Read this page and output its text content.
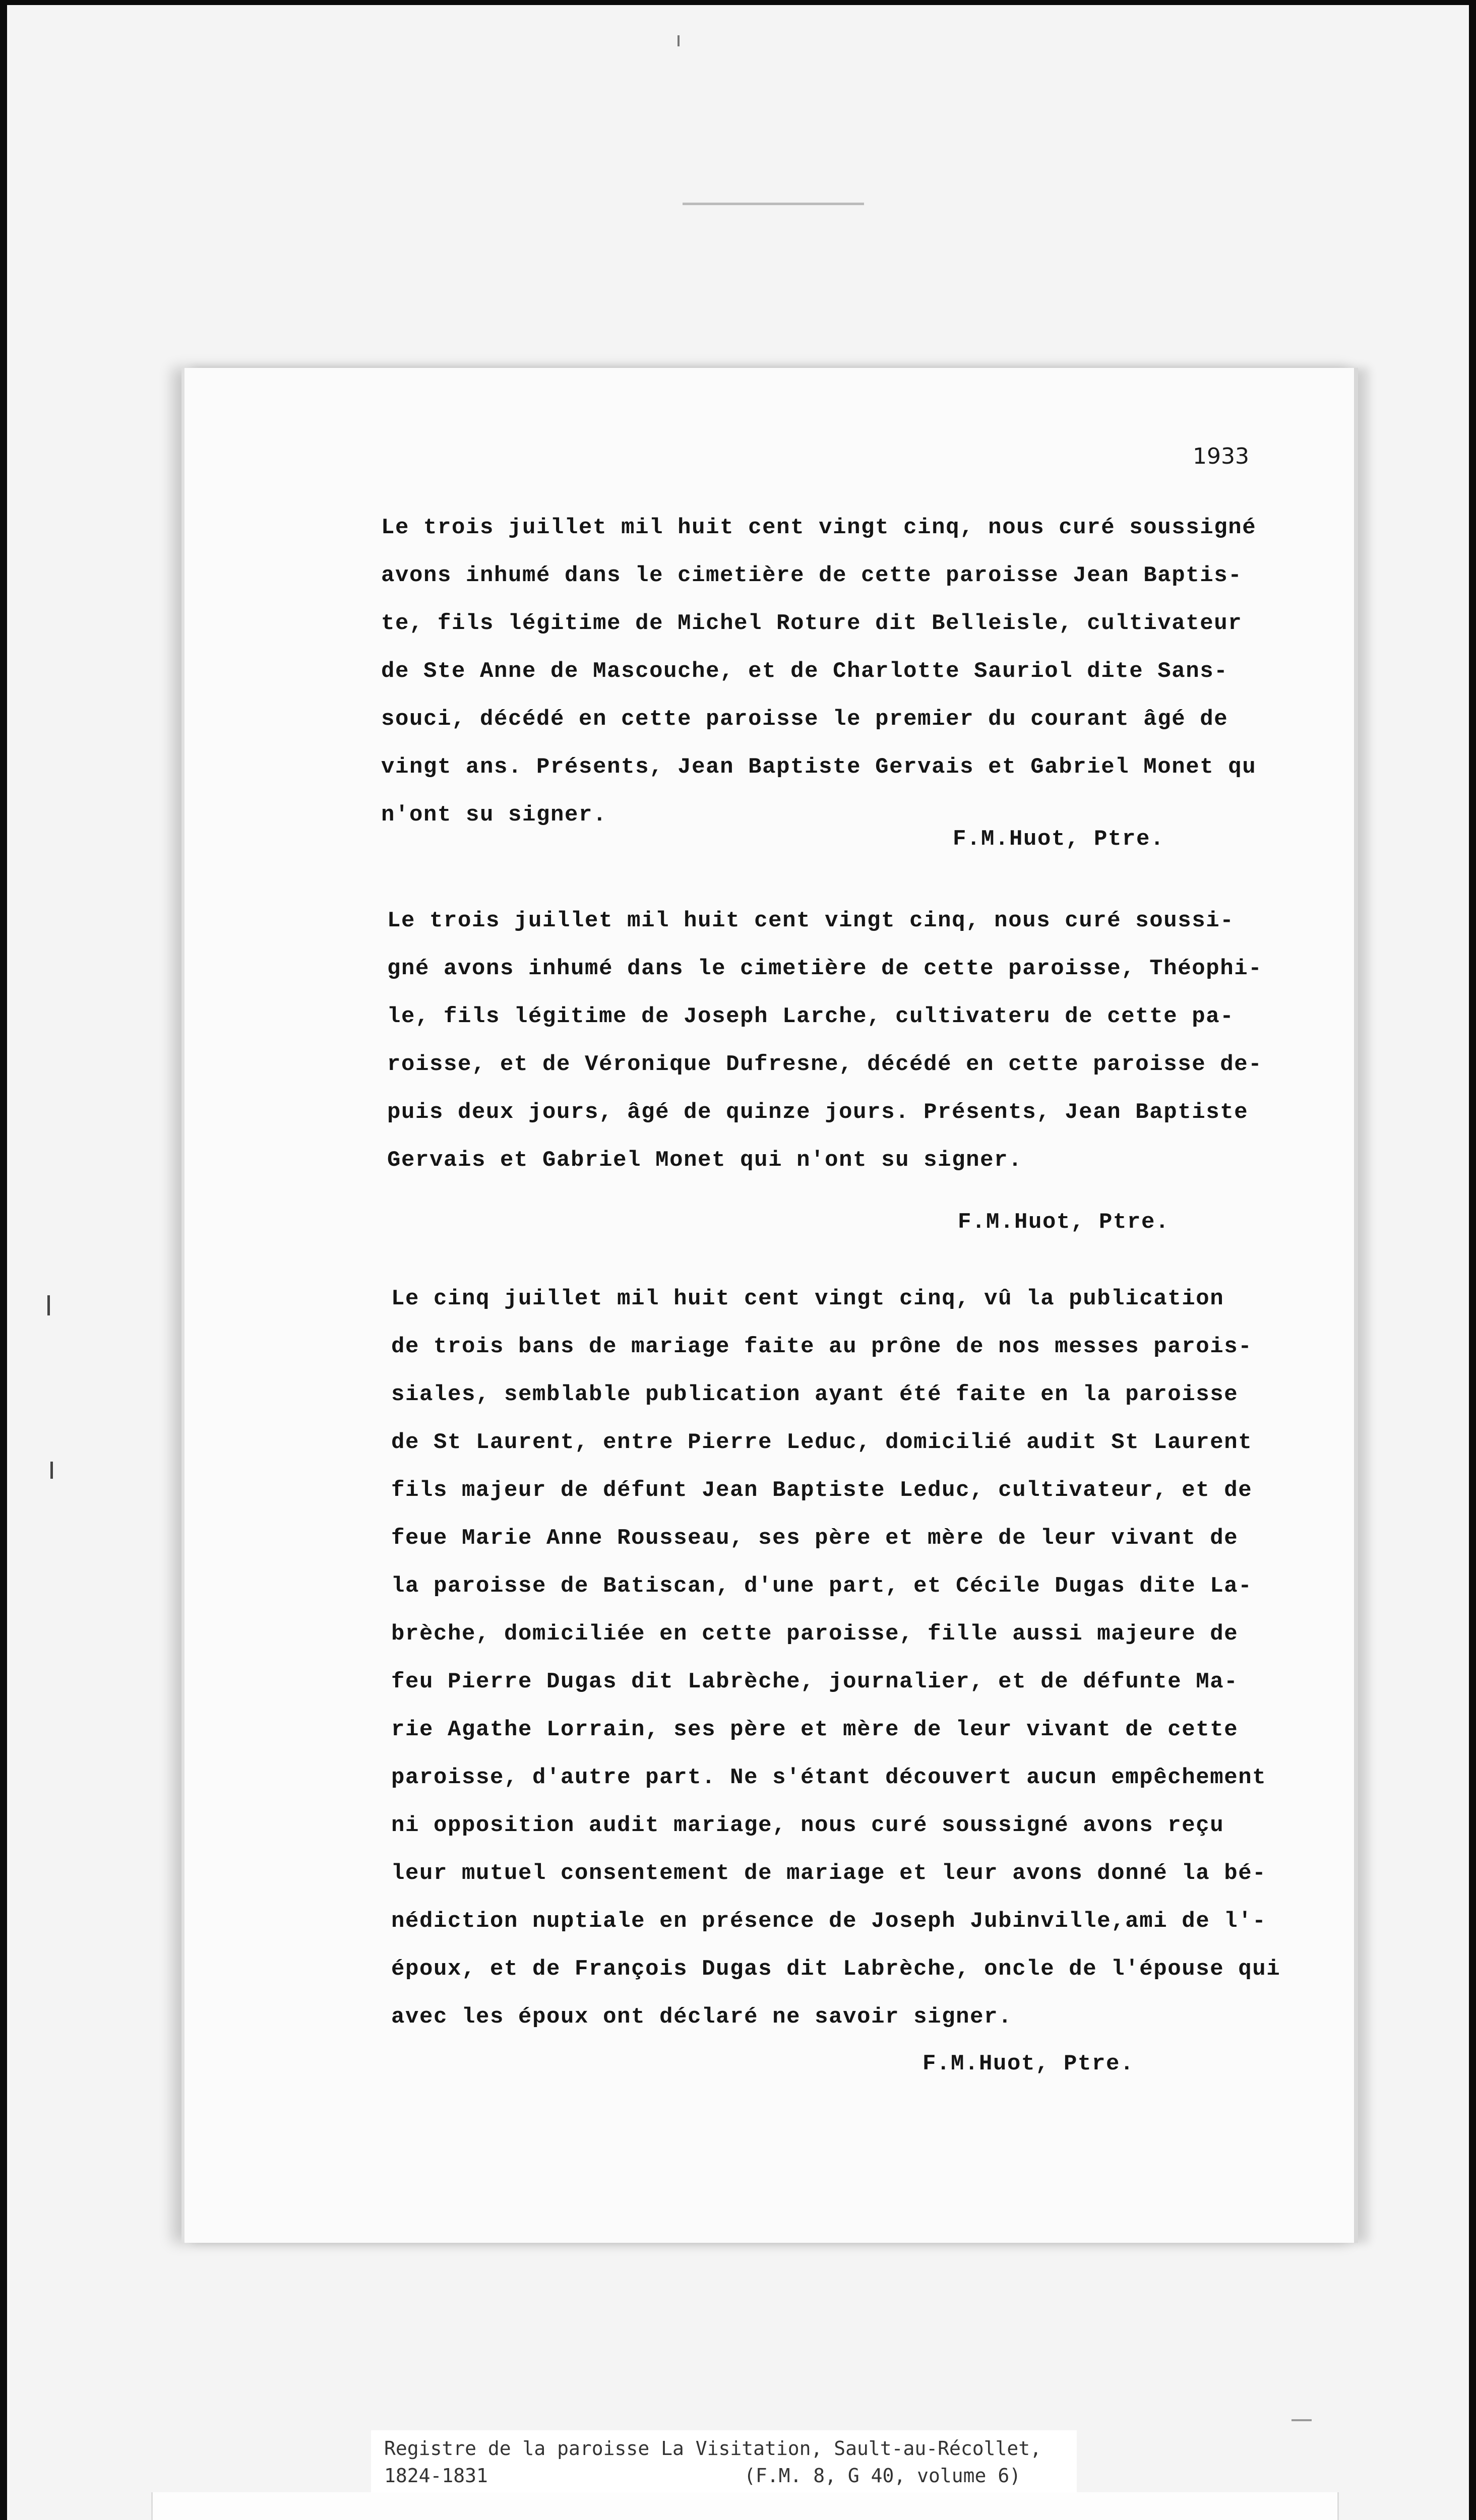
1933

Le trois juillet mil huit cent vingt cinq, nous curé soussigné
avons inhumé dans le cimetière de cette paroisse Jean Baptis-
te, fils légitime de Michel Roture dit Belleisle, cultivateur
de Ste Anne de Mascouche, et de Charlotte Sauriol dite Sans-
souci, décédé en cette paroisse le premier du courant âgé de
vingt ans. Présents, Jean Baptiste Gervais et Gabriel Monet qu
n'ont su signer.

F.M.Huot, Ptre.

Le trois juillet mil huit cent vingt cinq, nous curé soussi-
gné avons inhumé dans le cimetière de cette paroisse, Théophi-
le, fils légitime de Joseph Larche, cultivateru de cette pa-
roisse, et de Véronique Dufresne, décédé en cette paroisse de-
puis deux jours, âgé de quinze jours. Présents, Jean Baptiste
Gervais et Gabriel Monet qui n'ont su signer.

F.M.Huot, Ptre.

Le cinq juillet mil huit cent vingt cinq, vû la publication
de trois bans de mariage faite au prône de nos messes parois-
siales, semblable publication ayant été faite en la paroisse
de St Laurent, entre Pierre Leduc, domicilié audit St Laurent
fils majeur de défunt Jean Baptiste Leduc, cultivateur, et de
feue Marie Anne Rousseau, ses père et mère de leur vivant de
la paroisse de Batiscan, d'une part, et Cécile Dugas dite La-
brèche, domiciliée en cette paroisse, fille aussi majeure de
feu Pierre Dugas dit Labrèche, journalier, et de défunte Ma-
rie Agathe Lorrain, ses père et mère de leur vivant de cette
paroisse, d'autre part. Ne s'étant découvert aucun empêchement
ni opposition audit mariage, nous curé soussigné avons reçu
leur mutuel consentement de mariage et leur avons donné la bé-
nédiction nuptiale en présence de Joseph Jubinville,ami de l'-
époux, et de François Dugas dit Labrèche, oncle de l'épouse qui
avec les époux ont déclaré ne savoir signer.

F.M.Huot, Ptre.

Registre de la paroisse La Visitation, Sault-au-Récollet,

1824-1831	(F.M. 8, G 40, volume 6)
